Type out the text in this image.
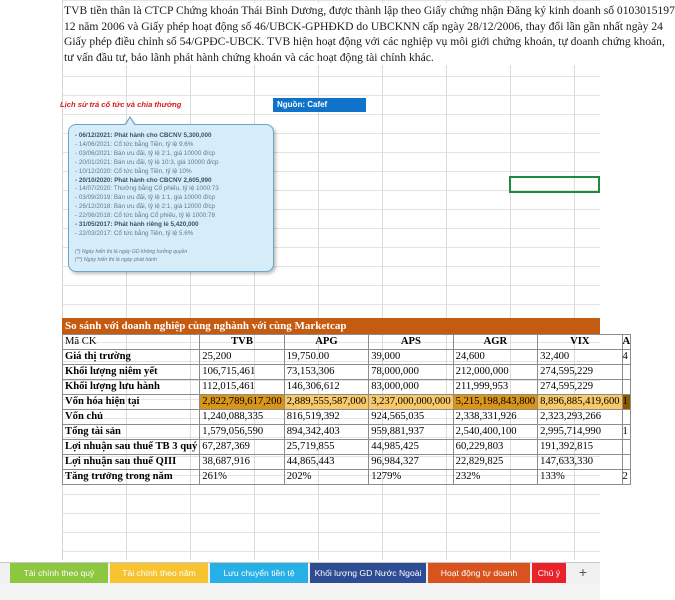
TVB tiền thân là CTCP Chứng khoán Thái Bình Dương, được thành lập theo Giấy chứng nhận Đăng ký kinh doanh số 0103015197
12 năm 2006 và Giấy phép hoạt động số 46/UBCK-GPHĐKD do UBCKNN cấp ngày 28/12/2006, thay đổi lần gần nhất ngày 24
Giấy phép điều chỉnh số 54/GPĐC-UBCK. TVB hiện hoạt động với các nghiệp vụ môi giới chứng khoán, tự doanh chứng khoán,
tư vấn đầu tư, bảo lãnh phát hành chứng khoán và các hoạt động tài chính khác.
Nguồn: Cafef
Lịch sử trả cổ tức và chia thưởng
- 06/12/2021: Phát hành cho CBCNV 5,300,000
- 14/06/2021: Cổ tức bằng Tiền, tỷ lệ 9.6%
- 03/06/2021: Bán ưu đãi, tỷ lệ 2:1, giá 10000 đ/cp
- 20/01/2021: Bán ưu đãi, tỷ lệ 10:3, giá 10000 đ/cp
- 10/12/2020: Cổ tức bằng Tiền, tỷ lệ 10%
- 20/10/2020: Phát hành cho CBCNV 2,605,990
- 14/07/2020: Thưởng bằng Cổ phiếu, tỷ lệ 1000:73
- 03/09/2019: Bán ưu đãi, tỷ lệ 1:1, giá 10000 đ/cp
- 26/12/2018: Bán ưu đãi, tỷ lệ 2:1, giá 12000 đ/cp
- 22/06/2018: Cổ tức bằng Cổ phiếu, tỷ lệ 1000:78
- 31/05/2017: Phát hành riêng lẻ 5,420,000
- 22/03/2017: Cổ tức bằng Tiền, tỷ lệ 5.6%
(*) Ngày hiển thị là ngày GD không hưởng quyền
(**) Ngày hiển thị là ngày phát hành
So sánh với doanh nghiệp cùng nghành với cùng Marketcap
Mã CK	TVB	APG	APS	AGR	VIX	A
Giá thị trường	25,200	19,750.00	39,000	24,600	32,400	4
Khối lượng niêm yết	106,715,461	73,153,306	78,000,000	212,000,000	274,595,229	
Khối lượng lưu hành	112,015,461	146,306,612	83,000,000	211,999,953	274,595,229	
Vốn hóa hiện tại	2,822,789,617,200	2,889,555,587,000	3,237,000,000,000	5,215,198,843,800	8,896,885,419,600	1
Vốn chủ	1,240,088,335	816,519,392	924,565,035	2,338,331,926	2,323,293,266	
Tổng tài sản	1,579,056,590	894,342,403	959,881,937	2,540,400,100	2,995,714,990	1
Lợi nhuận sau thuế TB 3 quý	67,287,369	25,719,855	44,985,425	60,229,803	191,392,815	
Lợi nhuận sau thuế QIII	38,687,916	44,865,443	96,984,327	22,829,825	147,633,330	
Tăng trưởng trong năm	261%	202%	1279%	232%	133%	2
Tài chính theo quý	Tài chính theo năm	Lưu chuyển tiền tệ	Khối lượng GD Nước Ngoài	Hoạt động tự doanh	Chú ý	+
